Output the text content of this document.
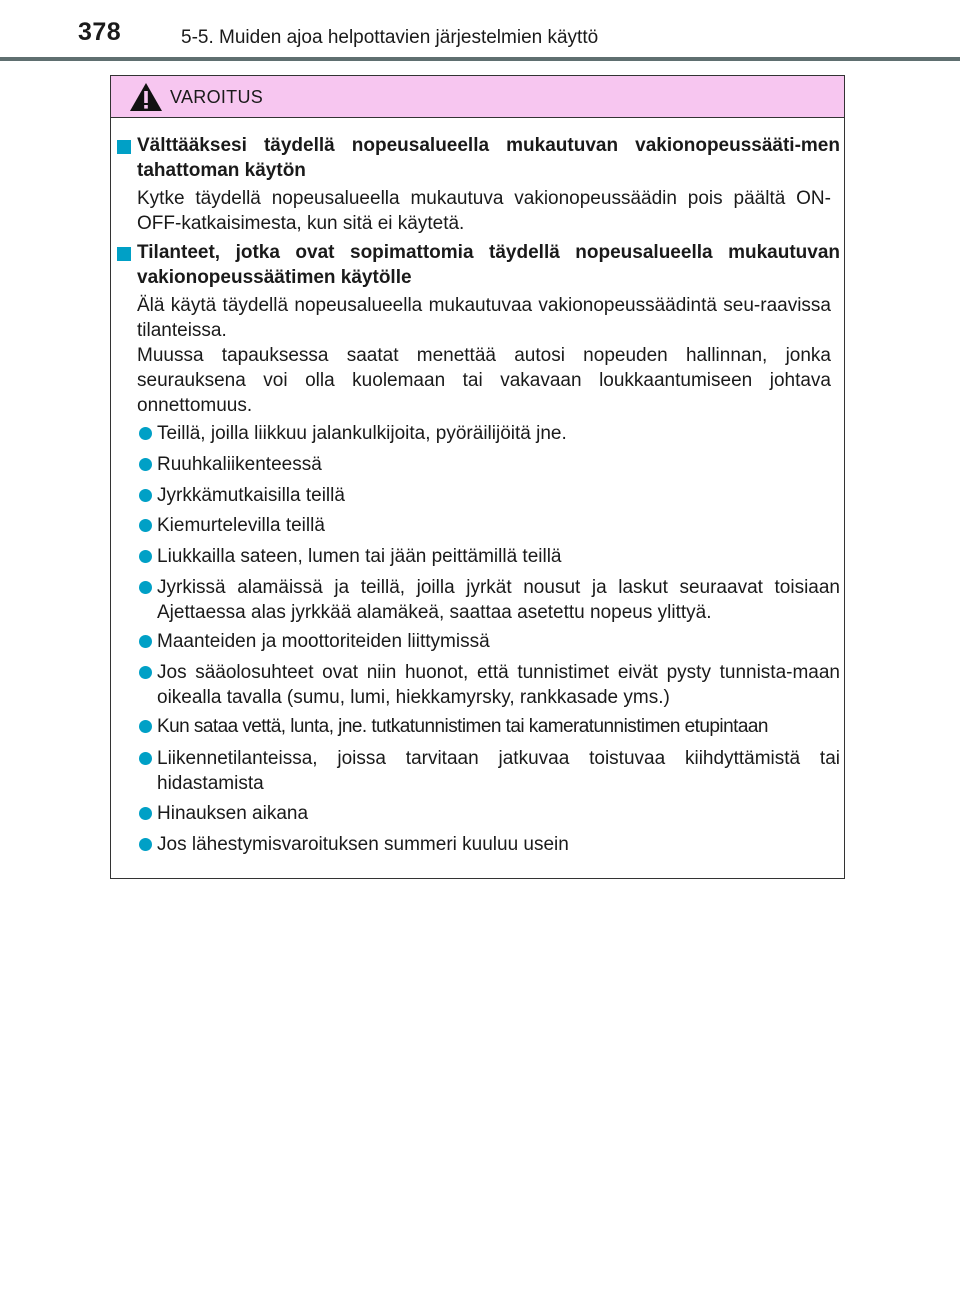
378	5-5. Muiden ajoa helpottavien järjestelmien käyttö
VAROITUS
Välttääksesi täydellä nopeusalueella mukautuvan vakionopeussääti-men tahattoman käytön
Kytke täydellä nopeusalueella mukautuva vakionopeussäädin pois päältä ON-OFF-katkaisimesta, kun sitä ei käytetä.
Tilanteet, jotka ovat sopimattomia täydellä nopeusalueella mukautuvan vakionopeussäätimen käytölle
Älä käytä täydellä nopeusalueella mukautuvaa vakionopeussäädintä seu-raavissa tilanteissa.
Muussa tapauksessa saatat menettää autosi nopeuden hallinnan, jonka seurauksena voi olla kuolemaan tai vakavaan loukkaantumiseen johtava onnettomuus.
Teillä, joilla liikkuu jalankulkijoita, pyöräilijöitä jne.
Ruuhkaliikenteessä
Jyrkkämutkaisilla teillä
Kiemurtelevilla teillä
Liukkailla sateen, lumen tai jään peittämillä teillä
Jyrkissä alamäissä ja teillä, joilla jyrkät nousut ja laskut seuraavat toisiaan Ajettaessa alas jyrkkää alamäkeä, saattaa asetettu nopeus ylittyä.
Maanteiden ja moottoriteiden liittymissä
Jos sääolosuhteet ovat niin huonot, että tunnistimet eivät pysty tunnista-maan oikealla tavalla (sumu, lumi, hiekkamyrsky, rankkasade yms.)
Kun sataa vettä, lunta, jne. tutkatunnistimen tai kameratunnistimen etupintaan
Liikennetilanteissa, joissa tarvitaan jatkuvaa toistuvaa kiihdyttämistä tai hidastamista
Hinauksen aikana
Jos lähestymisvaroituksen summeri kuuluu usein
